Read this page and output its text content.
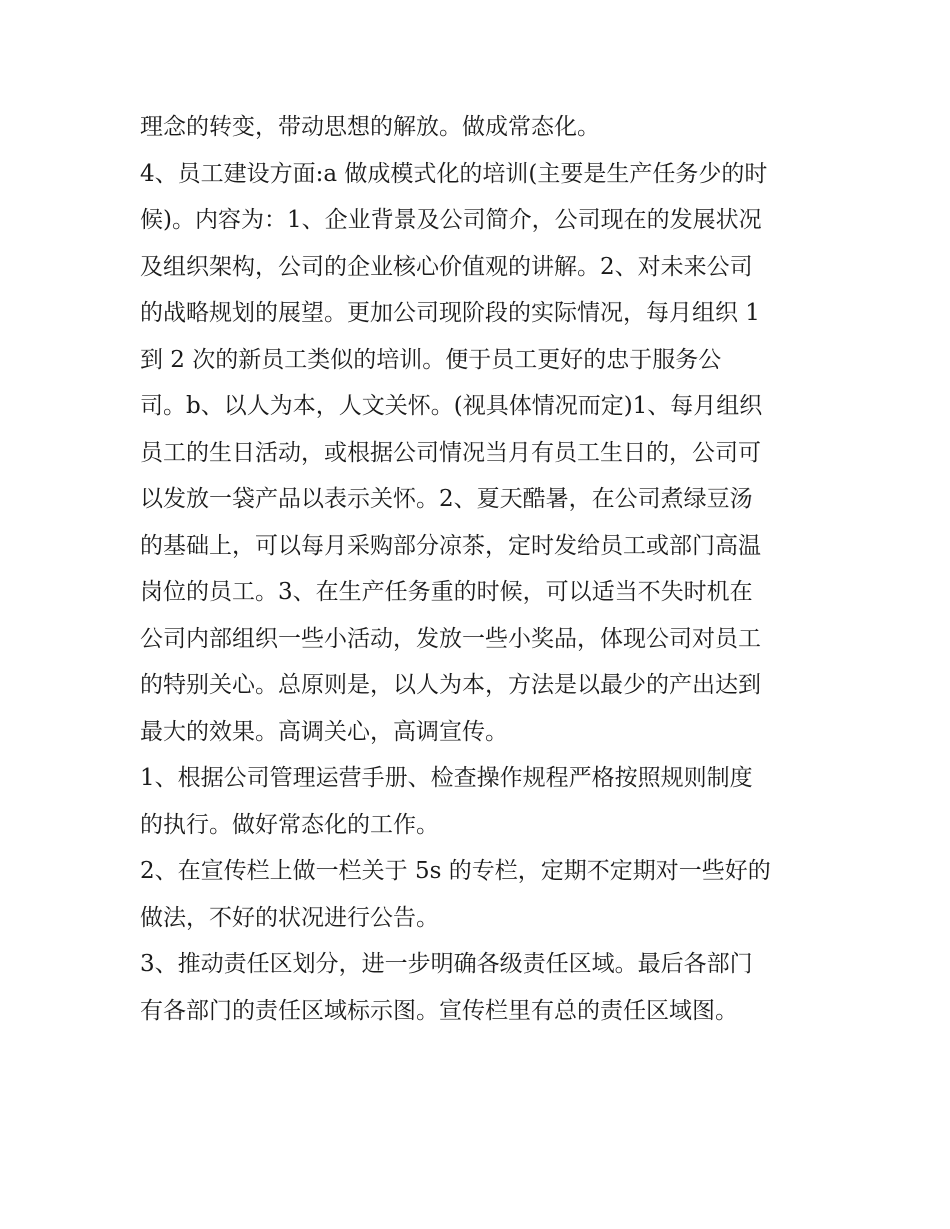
理念的转变，带动思想的解放。做成常态化。
4、员工建设方面:a 做成模式化的培训(主要是生产任务少的时
候)。内容为：1、企业背景及公司简介，公司现在的发展状况
及组织架构，公司的企业核心价值观的讲解。2、对未来公司
的战略规划的展望。更加公司现阶段的实际情况，每月组织 1
到 2 次的新员工类似的培训。便于员工更好的忠于服务公
司。b、以人为本，人文关怀。(视具体情况而定)1、每月组织
员工的生日活动，或根据公司情况当月有员工生日的，公司可
以发放一袋产品以表示关怀。2、夏天酷暑，在公司煮绿豆汤
的基础上，可以每月采购部分凉茶，定时发给员工或部门高温
岗位的员工。3、在生产任务重的时候，可以适当不失时机在
公司内部组织一些小活动，发放一些小奖品，体现公司对员工
的特别关心。总原则是，以人为本，方法是以最少的产出达到
最大的效果。高调关心，高调宣传。
1、根据公司管理运营手册、检查操作规程严格按照规则制度
的执行。做好常态化的工作。
2、在宣传栏上做一栏关于 5s 的专栏，定期不定期对一些好的
做法，不好的状况进行公告。
3、推动责任区划分，进一步明确各级责任区域。最后各部门
有各部门的责任区域标示图。宣传栏里有总的责任区域图。
